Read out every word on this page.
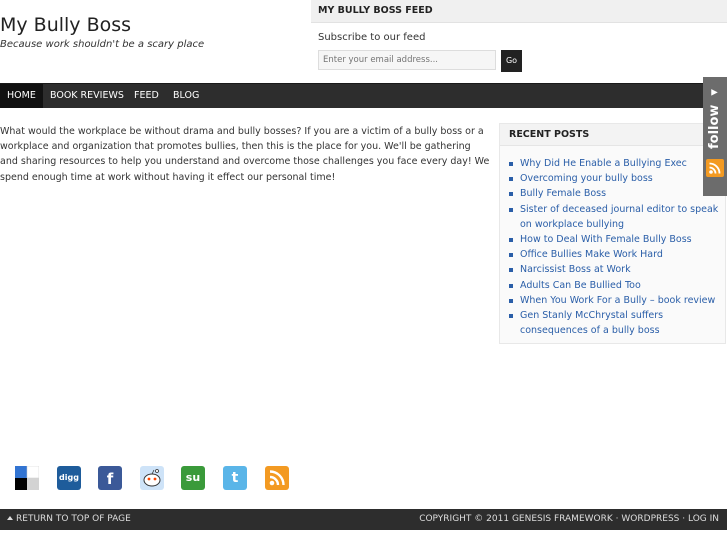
My Bully Boss
Because work shouldn't be a scary place
MY BULLY BOSS FEED
Subscribe to our feed
Enter your email address...
Go
HOME	BOOK REVIEWS	FEED	BLOG
What would the workplace be without drama and bully bosses? If you are a victim of a bully boss or a workplace and organization that promotes bullies, then this is the place for you. We'll be gathering and sharing resources to help you understand and overcome those challenges you face every day! We spend enough time at work without having it effect our personal time!
RECENT POSTS
Why Did He Enable a Bullying Exec
Overcoming your bully boss
Bully Female Boss
Sister of deceased journal editor to speak on workplace bullying
How to Deal With Female Bully Boss
Office Bullies Make Work Hard
Narcissist Boss at Work
Adults Can Be Bullied Too
When You Work For a Bully – book review
Gen Stanly McChrystal suffers consequences of a bully boss
follow ◂
digg	f	su	t
RETURN TO TOP OF PAGE	COPYRIGHT © 2011 GENESIS FRAMEWORK · WORDPRESS · LOG IN
